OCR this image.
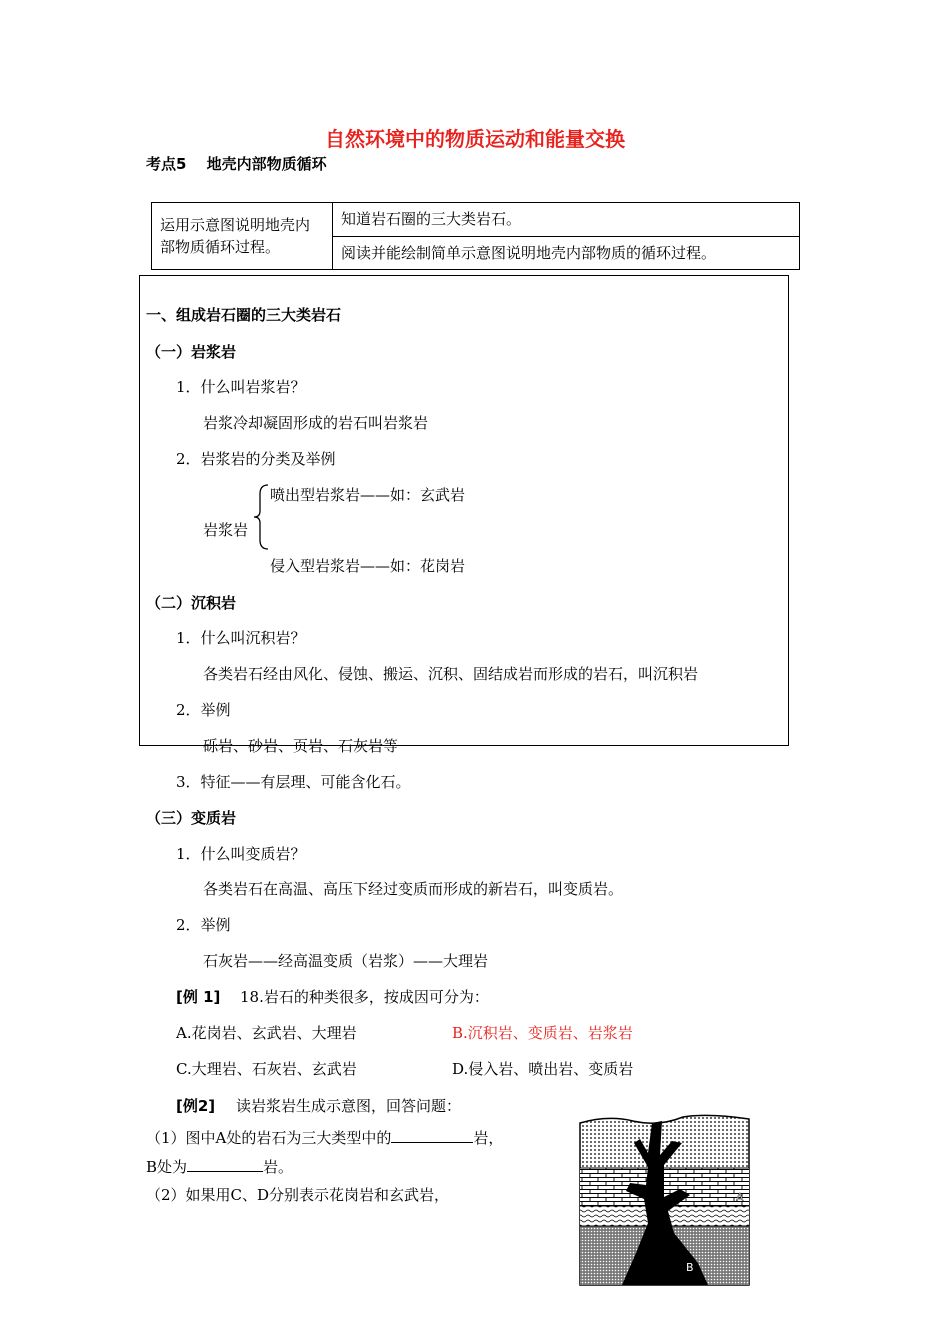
自然环境中的物质运动和能量交换
考点5　 地壳内部物质循环
运用示意图说明地壳内部物质循环过程。	知道岩石圈的三大类岩石。
阅读并能绘制简单示意图说明地壳内部物质的循环过程。
一、组成岩石圈的三大类岩石
（一）岩浆岩
1．什么叫岩浆岩？
岩浆冷却凝固形成的岩石叫岩浆岩
2．岩浆岩的分类及举例
岩浆岩
喷出型岩浆岩——如：玄武岩
侵入型岩浆岩——如：花岗岩
（二）沉积岩
1．什么叫沉积岩？
各类岩石经由风化、侵蚀、搬运、沉积、固结成岩而形成的岩石，叫沉积岩
2．举例
砾岩、砂岩、页岩、石灰岩等
3．特征——有层理、可能含化石。
（三）变质岩
1．什么叫变质岩？
各类岩石在高温、高压下经过变质而形成的新岩石，叫变质岩。
2．举例
石灰岩——经高温变质（岩浆）——大理岩
[例 1] 18.岩石的种类很多，按成因可分为：
A.花岗岩、玄武岩、大理岩	B.沉积岩、变质岩、岩浆岩
C.大理岩、石灰岩、玄武岩	D.侵入岩、喷出岩、变质岩
[例2] 读岩浆岩生成示意图，回答问题：
（1）图中A处的岩石为三大类型中的	岩，
B处为	岩。
（2）如果用C、D分别表示花岗岩和玄武岩，	A
B
